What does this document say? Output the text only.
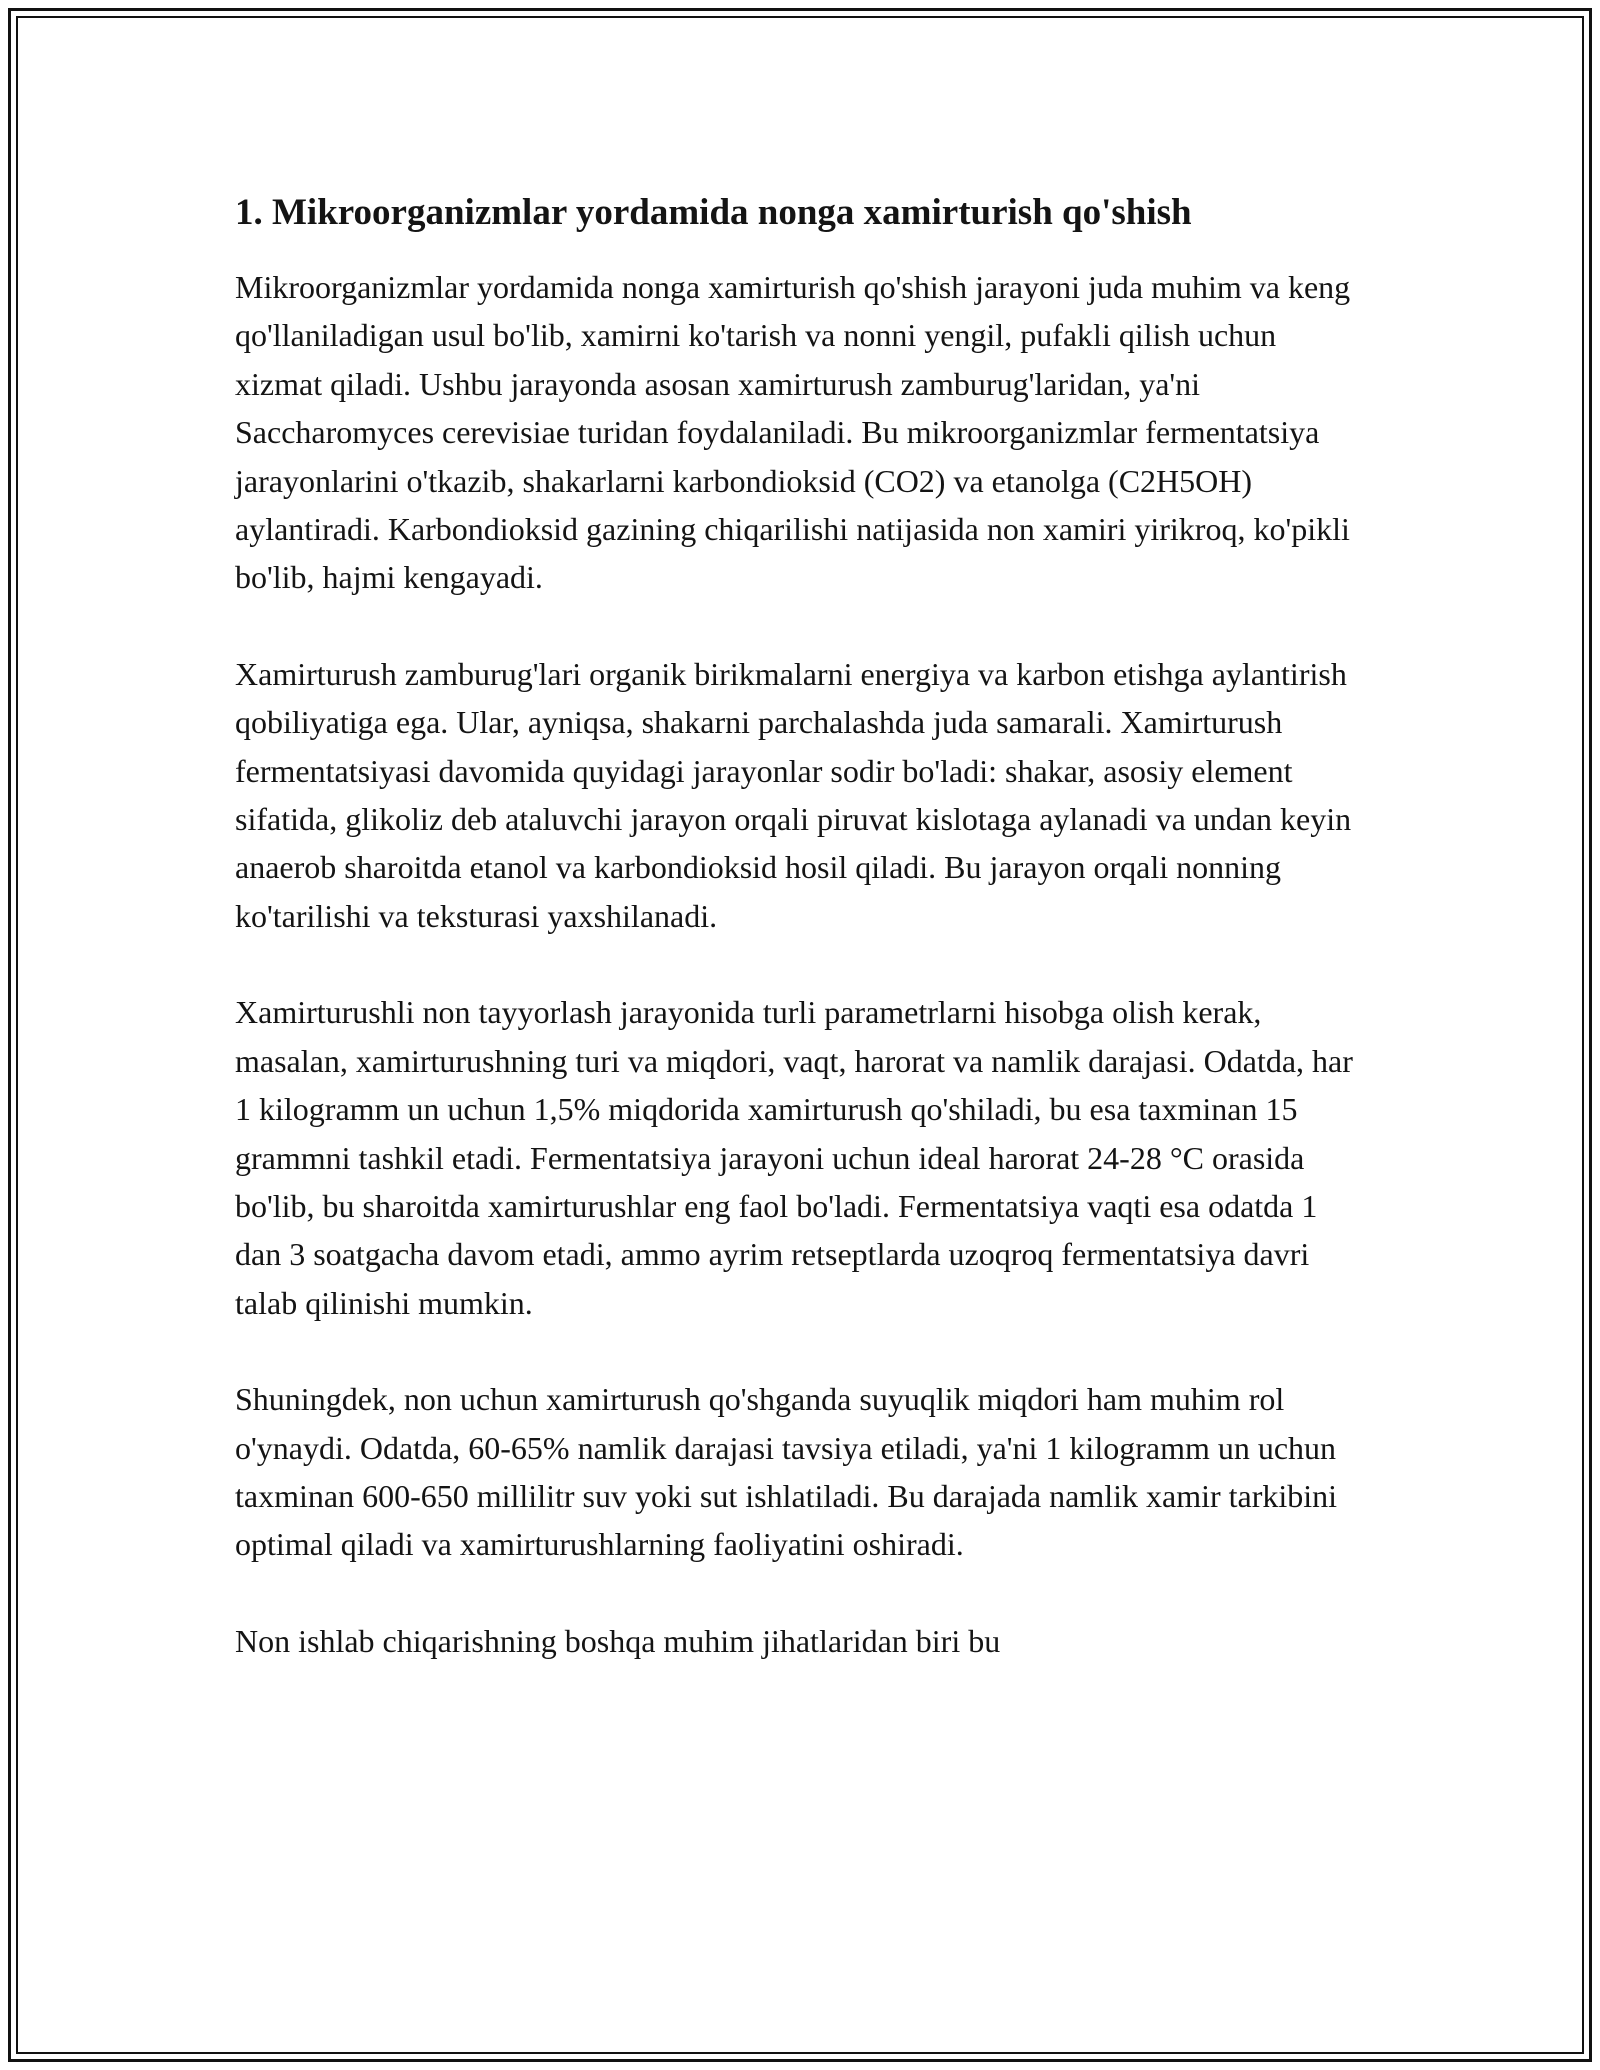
1. Mikroorganizmlar yordamida nonga xamirturish qo'shish

Mikroorganizmlar yordamida nonga xamirturish qo'shish jarayoni juda muhim va keng qo'llaniladigan usul bo'lib, xamirni ko'tarish va nonni yengil, pufakli qilish uchun xizmat qiladi. Ushbu jarayonda asosan xamirturush zamburug'laridan, ya'ni Saccharomyces cerevisiae turidan foydalaniladi. Bu mikroorganizmlar fermentatsiya jarayonlarini o'tkazib, shakarlarni karbondioksid (CO2) va etanolga (C2H5OH) aylantiradi. Karbondioksid gazining chiqarilishi natijasida non xamiri yirikroq, ko'pikli bo'lib, hajmi kengayadi.

Xamirturush zamburug'lari organik birikmalarni energiya va karbon etishga aylantirish qobiliyatiga ega. Ular, ayniqsa, shakarni parchalashda juda samarali. Xamirturush fermentatsiyasi davomida quyidagi jarayonlar sodir bo'ladi: shakar, asosiy element sifatida, glikoliz deb ataluvchi jarayon orqali piruvat kislotaga aylanadi va undan keyin anaerob sharoitda etanol va karbondioksid hosil qiladi. Bu jarayon orqali nonning ko'tarilishi va teksturasi yaxshilanadi.

Xamirturushli non tayyorlash jarayonida turli parametrlarni hisobga olish kerak, masalan, xamirturushning turi va miqdori, vaqt, harorat va namlik darajasi. Odatda, har 1 kilogramm un uchun 1,5% miqdorida xamirturush qo'shiladi, bu esa taxminan 15 grammni tashkil etadi. Fermentatsiya jarayoni uchun ideal harorat 24-28 °C orasida bo'lib, bu sharoitda xamirturushlar eng faol bo'ladi. Fermentatsiya vaqti esa odatda 1 dan 3 soatgacha davom etadi, ammo ayrim retseptlarda uzoqroq fermentatsiya davri talab qilinishi mumkin.

Shuningdek, non uchun xamirturush qo'shganda suyuqlik miqdori ham muhim rol o'ynaydi. Odatda, 60-65% namlik darajasi tavsiya etiladi, ya'ni 1 kilogramm un uchun taxminan 600-650 millilitr suv yoki sut ishlatiladi. Bu darajada namlik xamir tarkibini optimal qiladi va xamirturushlarning faoliyatini oshiradi.

Non ishlab chiqarishning boshqa muhim jihatlaridan biri bu
